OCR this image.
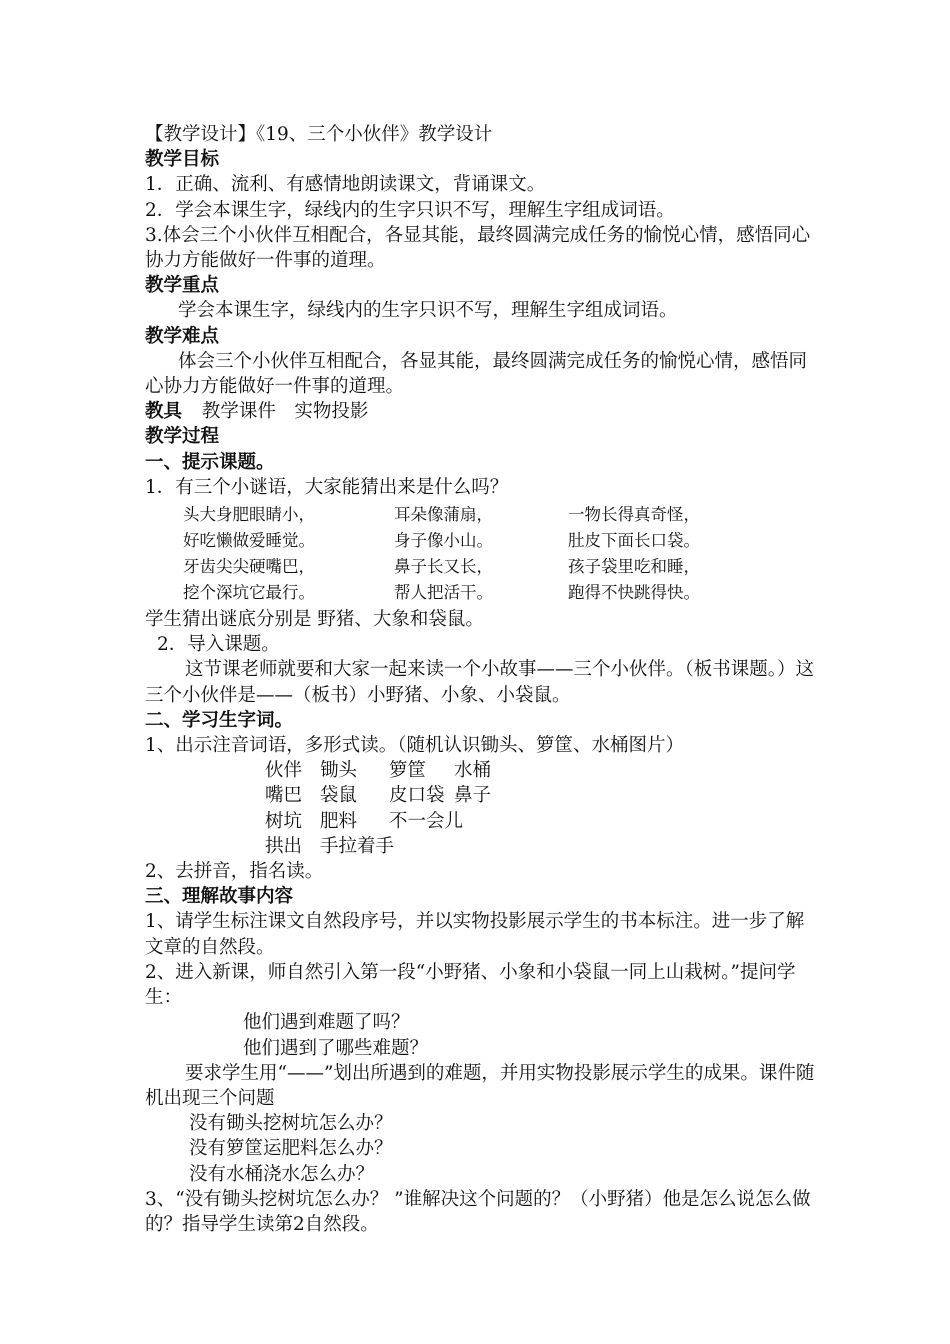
【教学设计】《19、三个小伙伴》教学设计
教学目标
1．正确、流利、有感情地朗读课文，背诵课文。
2．学会本课生字，绿线内的生字只识不写，理解生字组成词语。
3.体会三个小伙伴互相配合，各显其能，最终圆满完成任务的愉悦心情，感悟同心协力方能做好一件事的道理。
教学重点
学会本课生字，绿线内的生字只识不写，理解生字组成词语。
教学难点
体会三个小伙伴互相配合，各显其能，最终圆满完成任务的愉悦心情，感悟同心协力方能做好一件事的道理。
教具 教学课件　实物投影
教学过程
一、提示课题。
1．有三个小谜语，大家能猜出来是什么吗？
头大身肥眼睛小，	耳朵像蒲扇，	一物长得真奇怪，
好吃懒做爱睡觉。	身子像小山。	肚皮下面长口袋。
牙齿尖尖硬嘴巴，	鼻子长又长，	孩子袋里吃和睡，
挖个深坑它最行。	帮人把活干。	跑得不快跳得快。
学生猜出谜底分别是 野猪、大象和袋鼠。
2．导入课题。
这节课老师就要和大家一起来读一个小故事——三个小伙伴。（板书课题。）这三个小伙伴是——（板书）小野猪、小象、小袋鼠。
二、学习生字词。
1、出示注音词语，多形式读。（随机认识锄头、箩筐、水桶图片）
伙伴 锄头 箩筐 水桶
嘴巴 袋鼠 皮口袋 鼻子
树坑 肥料 不一会儿
拱出 手拉着手
2、去拼音，指名读。
三、理解故事内容
1、请学生标注课文自然段序号，并以实物投影展示学生的书本标注。进一步了解文章的自然段。
2、进入新课，师自然引入第一段“小野猪、小象和小袋鼠一同上山栽树。”提问学生：
他们遇到难题了吗？
他们遇到了哪些难题？
要求学生用“——”划出所遇到的难题，并用实物投影展示学生的成果。课件随机出现三个问题
没有锄头挖树坑怎么办？
没有箩筐运肥料怎么办？
没有水桶浇水怎么办？
3、“没有锄头挖树坑怎么办？ ”谁解决这个问题的？（小野猪）他是怎么说怎么做的？指导学生读第2自然段。
